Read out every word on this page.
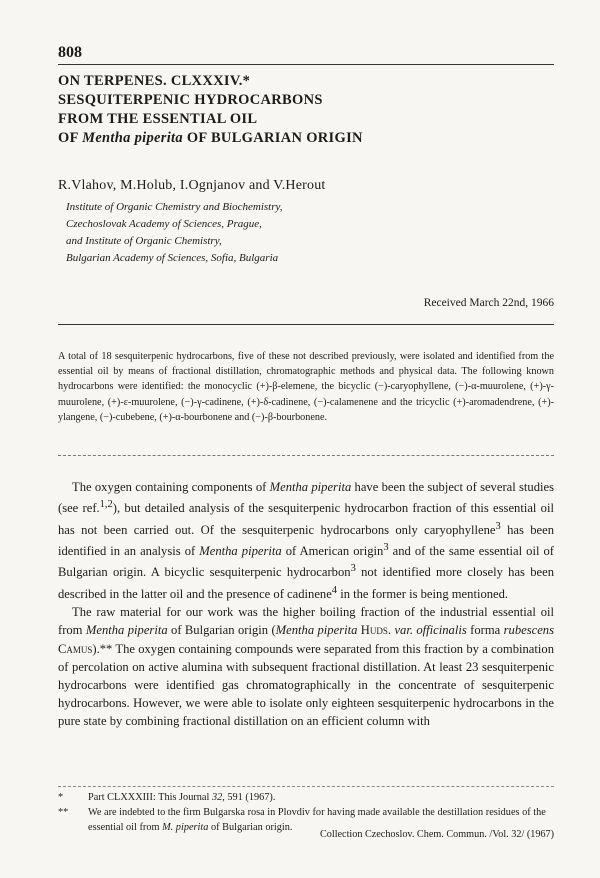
808
ON TERPENES. CLXXXIV.*
SESQUITERPENIC HYDROCARBONS
FROM THE ESSENTIAL OIL
OF Mentha piperita OF BULGARIAN ORIGIN
R.Vlahov, M.Holub, I.Ognjanov and V.Herout
Institute of Organic Chemistry and Biochemistry,
Czechoslovak Academy of Sciences, Prague,
and Institute of Organic Chemistry,
Bulgarian Academy of Sciences, Sofia, Bulgaria
Received March 22nd, 1966
A total of 18 sesquiterpenic hydrocarbons, five of these not described previously, were isolated and identified from the essential oil by means of fractional distillation, chromatographic methods and physical data. The following known hydrocarbons were identified: the monocyclic (+)-β-elemene, the bicyclic (−)-caryophyllene, (−)-α-muurolene, (+)-γ-muurolene, (+)-ε-muurolene, (−)-γ-cadinene, (+)-δ-cadinene, (−)-calamenene and the tricyclic (+)-aromadendrene, (+)-ylangene, (−)-cubebene, (+)-α-bourbonene and (−)-β-bourbonene.

The oxygen containing components of Mentha piperita have been the subject of several studies (see ref.$^{1,2}$), but detailed analysis of the sesquiterpenic hydrocarbon fraction of this essential oil has not been carried out. Of the sesquiterpenic hydrocarbons only caryophyllene$^3$ has been identified in an analysis of Mentha piperita of American origin$^3$ and of the same essential oil of Bulgarian origin. A bicyclic sesquiterpenic hydrocarbon$^3$ not identified more closely has been described in the latter oil and the presence of cadinene$^4$ in the former is being mentioned.

The raw material for our work was the higher boiling fraction of the industrial essential oil from Mentha piperita of Bulgarian origin (Mentha piperita Huds. var. officinalis forma rubescens Camus).** The oxygen containing compounds were separated from this fraction by a combination of percolation on active alumina with subsequent fractional distillation. At least 23 sesquiterpenic hydrocarbons were identified gas chromatographically in the concentrate of sesquiterpenic hydrocarbons. However, we were able to isolate only eighteen sesquiterpenic hydrocarbons in the pure state by combining fractional distillation on an efficient column with

*	Part CLXXXIII: This Journal 32, 591 (1967).
**	We are indebted to the firm Bulgarska rosa in Plovdiv for having made available the destillation residues of the essential oil from M. piperita of Bulgarian origin.
Collection Czechoslov. Chem. Commun. /Vol. 32/ (1967)
